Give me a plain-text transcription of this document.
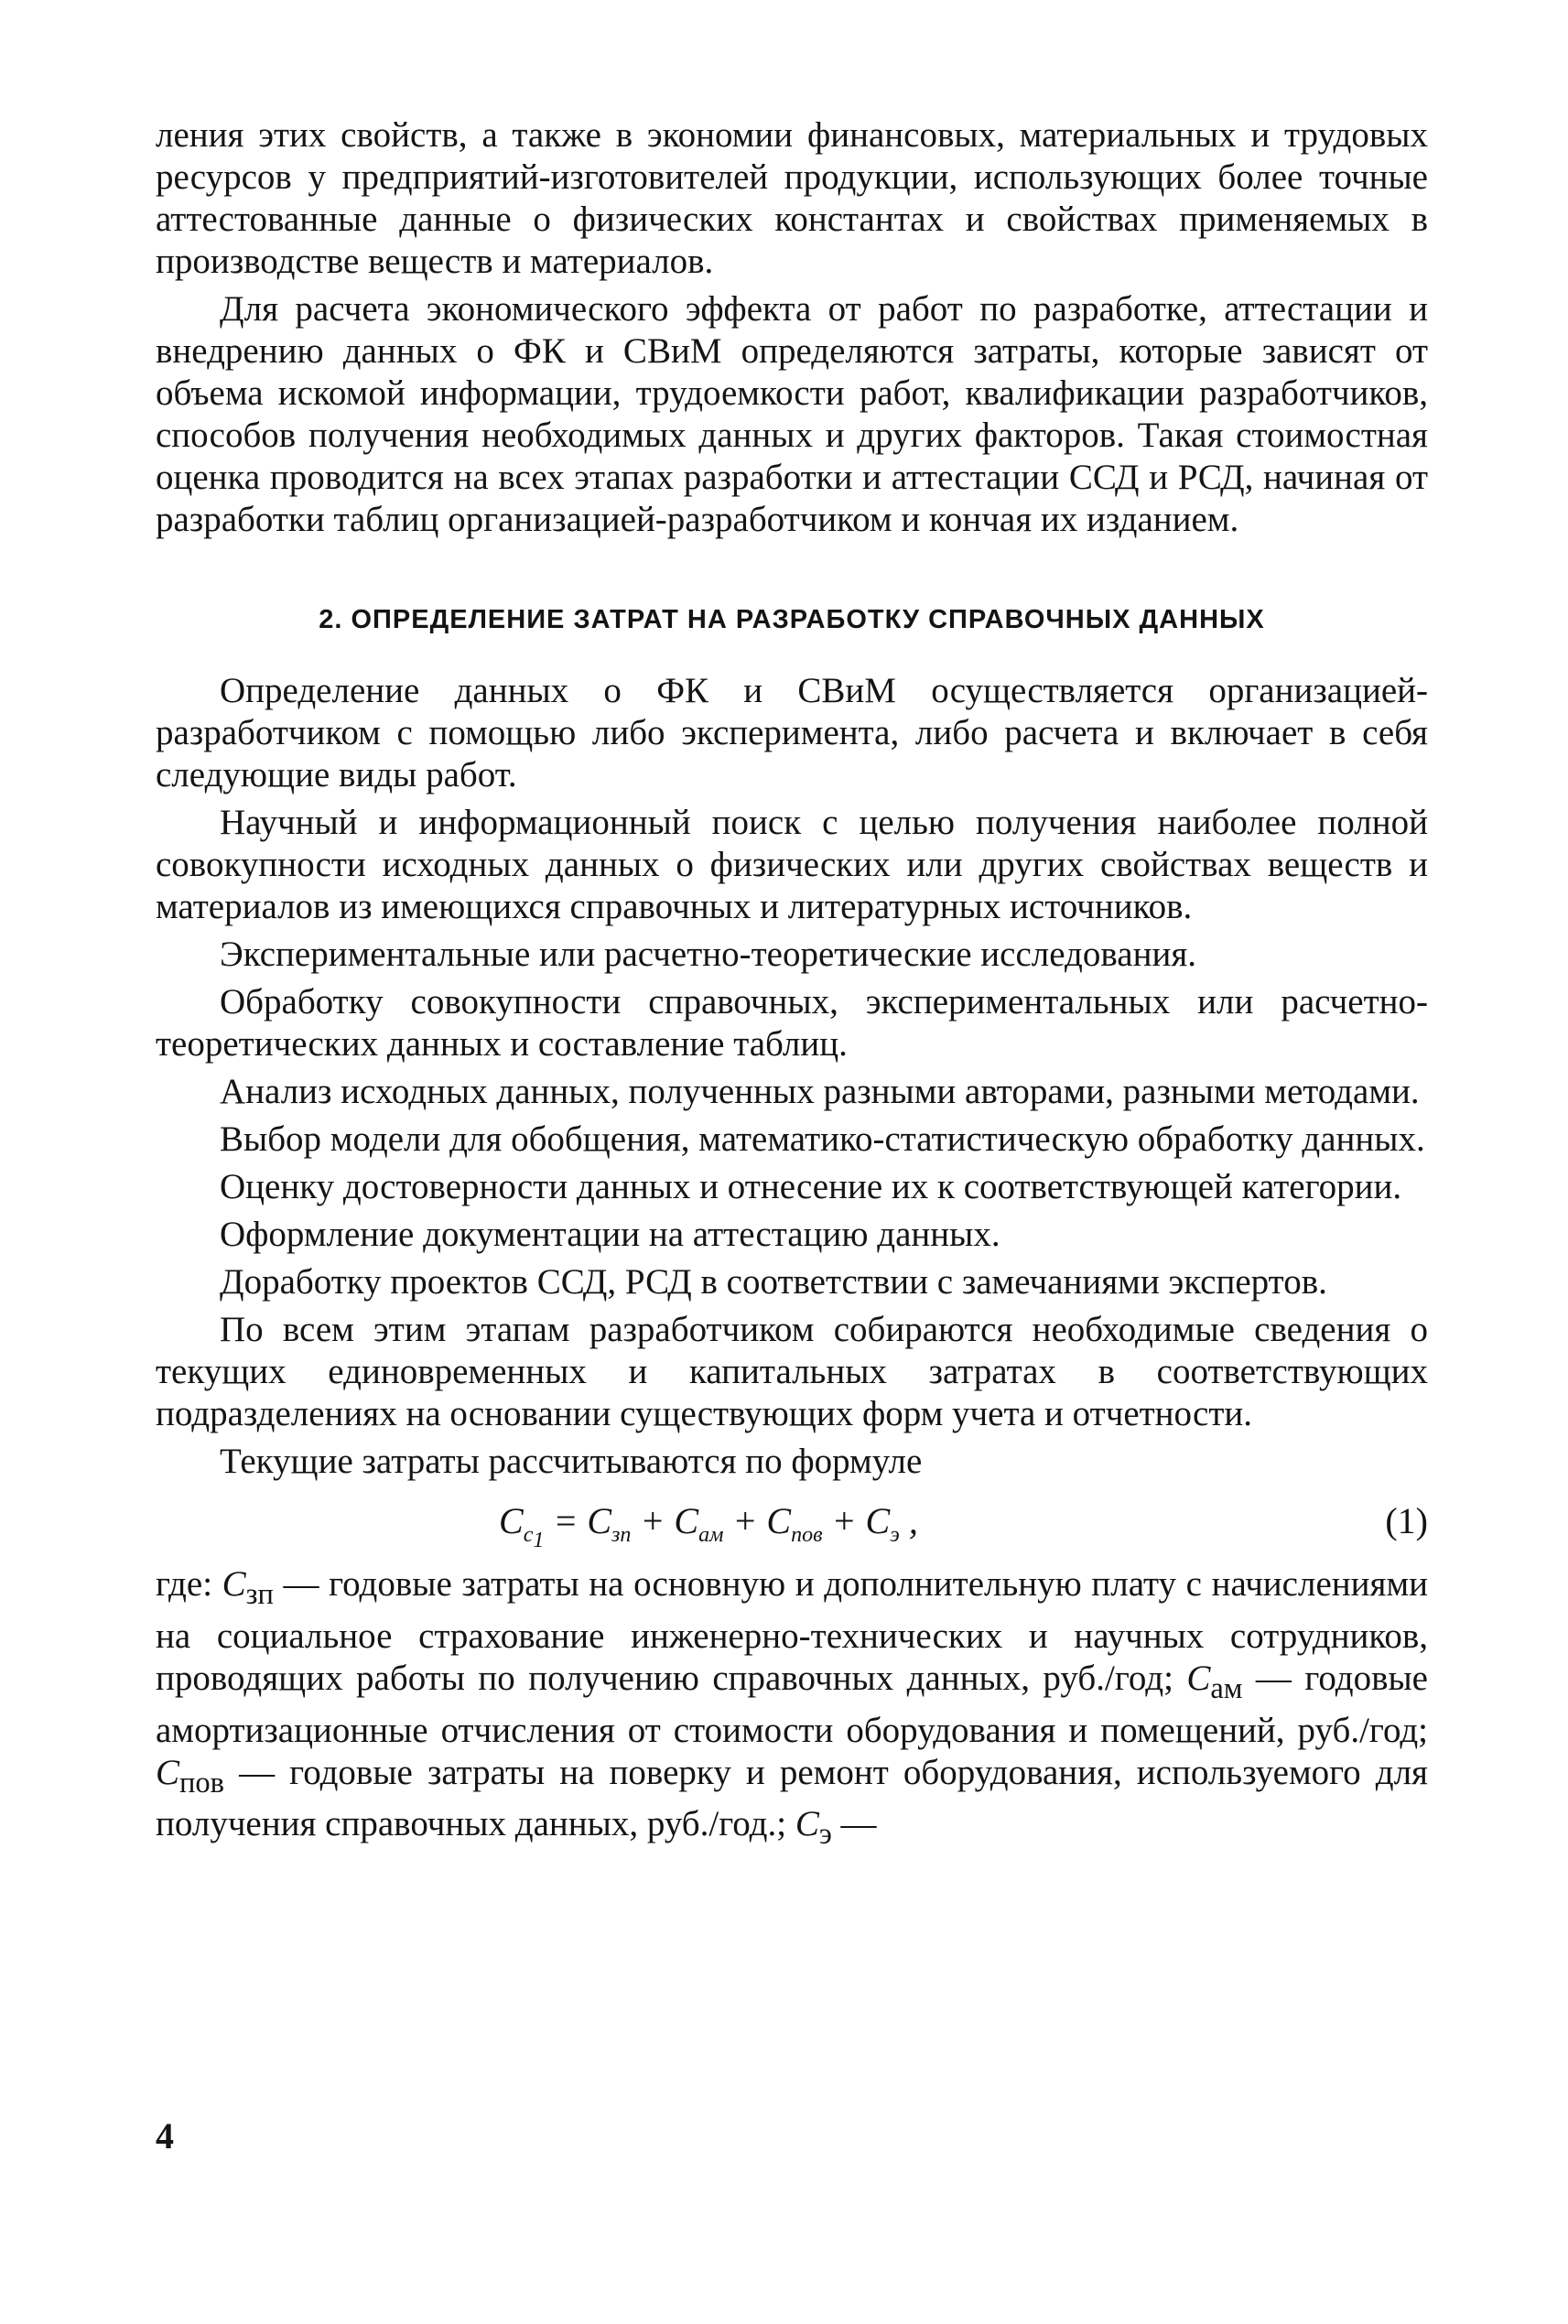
ления этих свойств, а также в экономии финансовых, материальных и трудовых ресурсов у предприятий-изготовителей продукции, использующих более точные аттестованные данные о физических константах и свойствах применяемых в производстве веществ и материалов.

Для расчета экономического эффекта от работ по разработке, аттестации и внедрению данных о ФК и СВиМ определяются затраты, которые зависят от объема искомой информации, трудоемкости работ, квалификации разработчиков, способов получения необходимых данных и других факторов. Такая стоимостная оценка проводится на всех этапах разработки и аттестации ССД и РСД, начиная от разработки таблиц организацией-разработчиком и кончая их изданием.

2. ОПРЕДЕЛЕНИЕ ЗАТРАТ НА РАЗРАБОТКУ СПРАВОЧНЫХ ДАННЫХ

Определение данных о ФК и СВиМ осуществляется организацией-разработчиком с помощью либо эксперимента, либо расчета и включает в себя следующие виды работ.

Научный и информационный поиск с целью получения наиболее полной совокупности исходных данных о физических или других свойствах веществ и материалов из имеющихся справочных и литературных источников.

Экспериментальные или расчетно-теоретические исследования.

Обработку совокупности справочных, экспериментальных или расчетно-теоретических данных и составление таблиц.

Анализ исходных данных, полученных разными авторами, разными методами.

Выбор модели для обобщения, математико-статистическую обработку данных.

Оценку достоверности данных и отнесение их к соответствующей категории.

Оформление документации на аттестацию данных.

Доработку проектов ССД, РСД в соответствии с замечаниями экспертов.

По всем этим этапам разработчиком собираются необходимые сведения о текущих единовременных и капитальных затратах в соответствующих подразделениях на основании существующих форм учета и отчетности.

Текущие затраты рассчитываются по формуле

$C_{c_1} = C_{зп} + C_{ам} + C_{пов} + C_э$ ,	(1)

где: $C_{зп}$ — годовые затраты на основную и дополнительную плату с начислениями на социальное страхование инженерно-технических и научных сотрудников, проводящих работы по получению справочных данных, руб./год; $C_{ам}$ — годовые амортизационные отчисления от стоимости оборудования и помещений, руб./год; $C_{пов}$ — годовые затраты на поверку и ремонт оборудования, используемого для получения справочных данных, руб./год.; $C_э$ —

4
